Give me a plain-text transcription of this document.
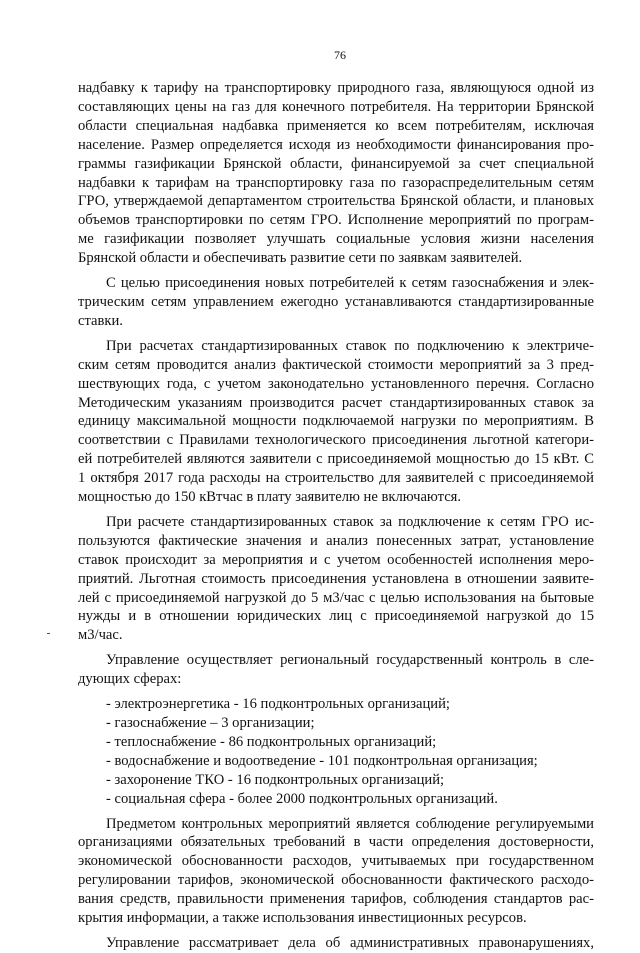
76
надбавку к тарифу на транспортировку природного газа, являющуюся одной из
составляющих цены на газ для конечного потребителя. На территории Брянской
области специальная надбавка применяется ко всем потребителям, исключая
население. Размер определяется исходя из необходимости финансирования про-
граммы газификации Брянской области, финансируемой за счет специальной
надбавки к тарифам на транспортировку газа по газораспределительным сетям
ГРО, утверждаемой департаментом строительства Брянской области, и плановых
объемов транспортировки по сетям ГРО. Исполнение мероприятий по програм-
ме газификации позволяет улучшать социальные условия жизни населения
Брянской области и обеспечивать развитие сети по заявкам заявителей.
С целью присоединения новых потребителей к сетям газоснабжения и элек-
трическим сетям управлением ежегодно устанавливаются стандартизированные
ставки.
При расчетах стандартизированных ставок по подключению к электриче-
ским сетям проводится анализ фактической стоимости мероприятий за 3 пред-
шествующих года, с учетом законодательно установленного перечня. Согласно
Методическим указаниям производится расчет стандартизированных ставок за
единицу максимальной мощности подключаемой нагрузки по мероприятиям. В
соответствии с Правилами технологического присоединения льготной категори-
ей потребителей являются заявители с присоединяемой мощностью до 15 кВт. С
1 октября 2017 года расходы на строительство для заявителей с присоединяемой
мощностью до 150 кВтчас в плату заявителю не включаются.
При расчете стандартизированных ставок за подключение к сетям ГРО ис-
пользуются фактические значения и анализ понесенных затрат, установление
ставок происходит за мероприятия и с учетом особенностей исполнения меро-
приятий. Льготная стоимость присоединения установлена в отношении заявите-
лей с присоединяемой нагрузкой до 5 м3/час с целью использования на бытовые
нужды и в отношении юридических лиц с присоединяемой нагрузкой до 15
м3/час.
Управление осуществляет региональный государственный контроль в сле-
дующих сферах:
- электроэнергетика - 16 подконтрольных организаций;
- газоснабжение – 3 организации;
- теплоснабжение - 86 подконтрольных организаций;
- водоснабжение и водоотведение - 101 подконтрольная организация;
- захоронение ТКО - 16 подконтрольных организаций;
- социальная сфера - более 2000 подконтрольных организаций.
Предметом контрольных мероприятий является соблюдение регулируемыми
организациями обязательных требований в части определения достоверности,
экономической обоснованности расходов, учитываемых при государственном
регулировании тарифов, экономической обоснованности фактического расходо-
вания средств, правильности применения тарифов, соблюдения стандартов рас-
крытия информации, а также использования инвестиционных ресурсов.
Управление рассматривает дела об административных правонарушениях,
